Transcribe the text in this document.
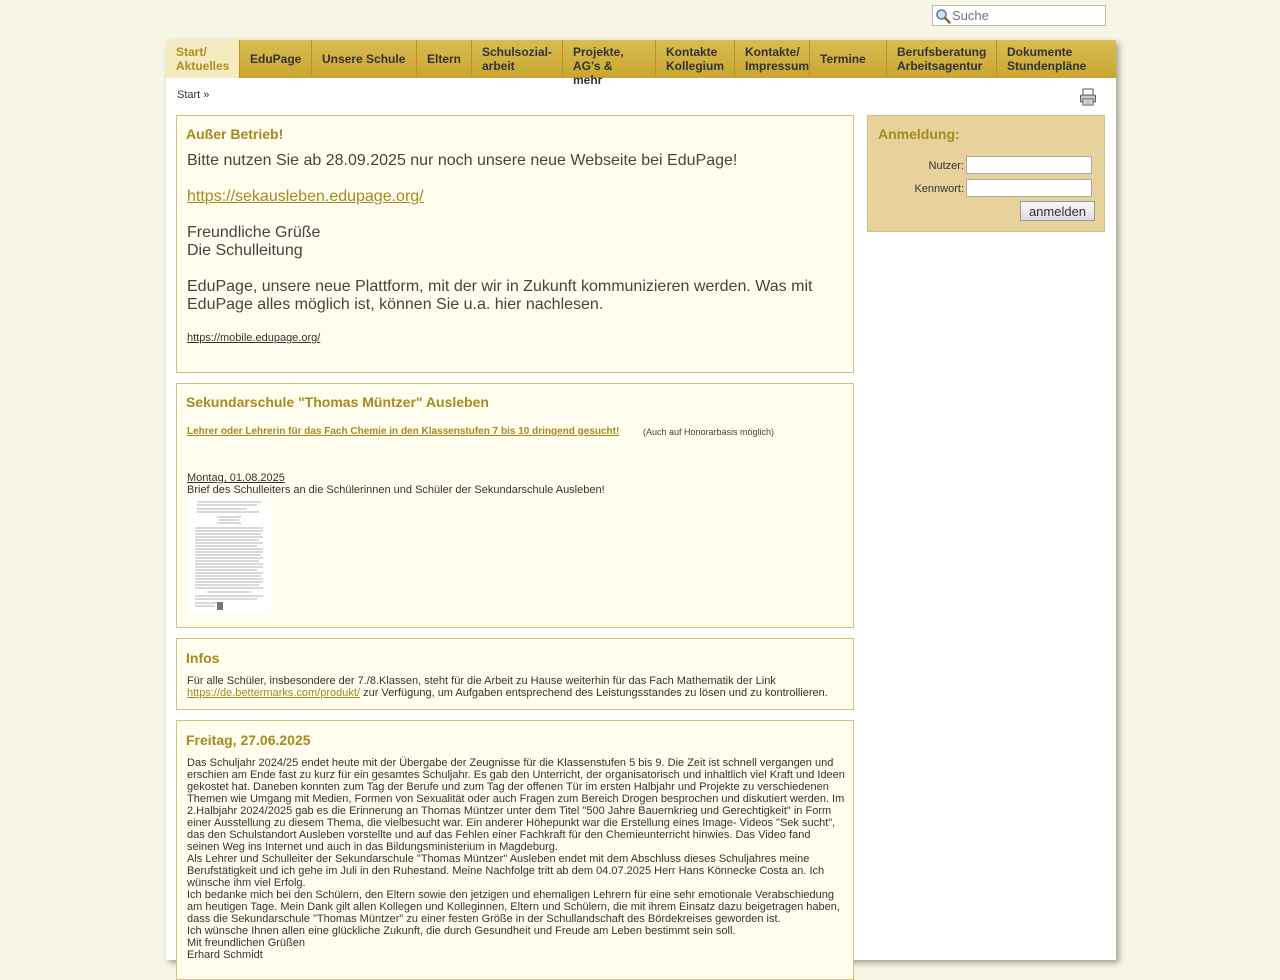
Suche
Start/
Aktuelles	EduPage	Unsere Schule	Eltern	Schulsozial-
arbeit
Projekte,
AG's & mehr
Kontakte
Kollegium
Kontakte/
Impressum Termine	Berufsberatung
Arbeitsagentur
Dokumente
Stundenpläne
Start »
Außer Betrieb!
Bitte nutzen Sie ab 28.09.2025 nur noch unsere neue Webseite bei EduPage!
https://sekausleben.edupage.org/
Freundliche Grüße
Die Schulleitung
EduPage, unsere neue Plattform, mit der wir in Zukunft kommunizieren werden. Was mit
EduPage alles möglich ist, können Sie u.a. hier nachlesen.
https://mobile.edupage.org/
Sekundarschule "Thomas Müntzer" Ausleben
Lehrer oder Lehrerin für das Fach Chemie in den Klassenstufen 7 bis 10 dringend gesucht!	(Auch auf Honorarbasis möglich)
Montag, 01.08.2025
Brief des Schulleiters an die Schülerinnen und Schüler der Sekundarschule Ausleben!
Infos
Für alle Schüler, insbesondere der 7./8.Klassen, steht für die Arbeit zu Hause weiterhin für das Fach Mathematik der Link
https://de.bettermarks.com/produkt/ zur Verfügung, um Aufgaben entsprechend des Leistungsstandes zu lösen und zu kontrollieren.
Freitag, 27.06.2025
Das Schuljahr 2024/25 endet heute mit der Übergabe der Zeugnisse für die Klassenstufen 5 bis 9. Die Zeit ist schnell vergangen und
erschien am Ende fast zu kurz für ein gesamtes Schuljahr. Es gab den Unterricht, der organisatorisch und inhaltlich viel Kraft und Ideen
gekostet hat. Daneben konnten zum Tag der Berufe und zum Tag der offenen Tür im ersten Halbjahr und Projekte zu verschiedenen
Themen wie Umgang mit Medien, Formen von Sexualität oder auch Fragen zum Bereich Drogen besprochen und diskutiert werden. Im
2.Halbjahr 2024/2025 gab es die Erinnerung an Thomas Müntzer unter dem Titel "500 Jahre Bauernkrieg und Gerechtigkeit" in Form
einer Ausstellung zu diesem Thema, die vielbesucht war. Ein anderer Höhepunkt war die Erstellung eines Image- Videos "Sek sucht",
das den Schulstandort Ausleben vorstellte und auf das Fehlen einer Fachkraft für den Chemieunterricht hinwies. Das Video fand
seinen Weg ins Internet und auch in das Bildungsministerium in Magdeburg.
Als Lehrer und Schulleiter der Sekundarschule "Thomas Müntzer" Ausleben endet mit dem Abschluss dieses Schuljahres meine
Berufstätigkeit und ich gehe im Juli in den Ruhestand. Meine Nachfolge tritt ab dem 04.07.2025 Herr Hans Könnecke Costa an. Ich
wünsche ihm viel Erfolg.
Ich bedanke mich bei den Schülern, den Eltern sowie den jetzigen und ehemaligen Lehrern für eine sehr emotionale Verabschiedung
am heutigen Tage. Mein Dank gilt allen Kollegen und Kolleginnen, Eltern und Schülern, die mit ihrem Einsatz dazu beigetragen haben,
dass die Sekundarschule "Thomas Müntzer" zu einer festen Größe in der Schullandschaft des Bördekreises geworden ist.
Ich wünsche Ihnen allen eine glückliche Zukunft, die durch Gesundheit und Freude am Leben bestimmt sein soll.
Mit freundlichen Grüßen
Erhard Schmidt
Anmeldung:
Nutzer:
Kennwort:
anmelden
